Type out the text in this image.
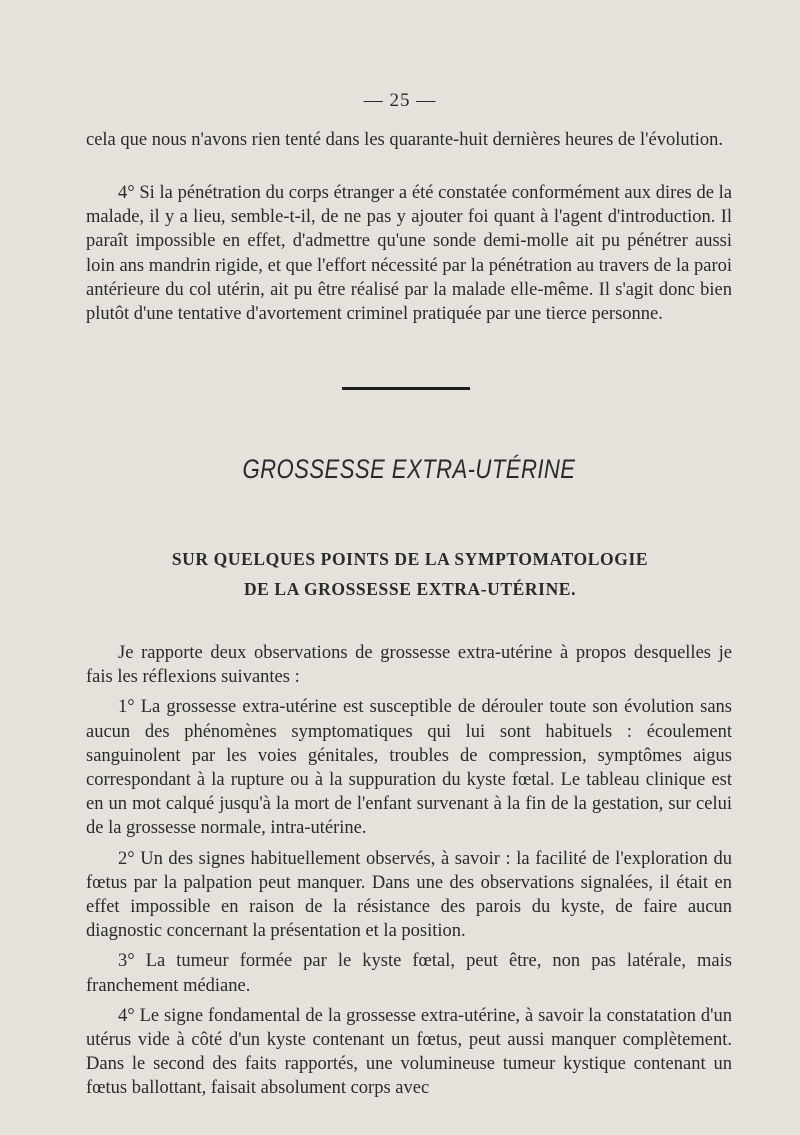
— 25 —

cela que nous n'avons rien tenté dans les quarante-huit dernières heures de l'évolution.

4° Si la pénétration du corps étranger a été constatée conformément aux dires de la malade, il y a lieu, semble-t-il, de ne pas y ajouter foi quant à l'agent d'introduction. Il paraît impossible en effet, d'admettre qu'une sonde demi-molle ait pu pénétrer aussi loin ans mandrin rigide, et que l'effort nécessité par la pénétration au travers de la paroi antérieure du col utérin, ait pu être réalisé par la malade elle-même. Il s'agit donc bien plutôt d'une tentative d'avortement criminel pratiquée par une tierce personne.

GROSSESSE EXTRA-UTÉRINE
SUR QUELQUES POINTS DE LA SYMPTOMATOLOGIE
DE LA GROSSESSE EXTRA-UTÉRINE.

Je rapporte deux observations de grossesse extra-utérine à propos desquelles je fais les réflexions suivantes :

1° La grossesse extra-utérine est susceptible de dérouler toute son évolution sans aucun des phénomènes symptomatiques qui lui sont habituels : écoulement sanguinolent par les voies génitales, troubles de compression, symptômes aigus correspondant à la rupture ou à la suppuration du kyste fœtal. Le tableau clinique est en un mot calqué jusqu'à la mort de l'enfant survenant à la fin de la gestation, sur celui de la grossesse normale, intra-utérine.

2° Un des signes habituellement observés, à savoir : la facilité de l'exploration du fœtus par la palpation peut manquer. Dans une des observations signalées, il était en effet impossible en raison de la résistance des parois du kyste, de faire aucun diagnostic concernant la présentation et la position.

3° La tumeur formée par le kyste fœtal, peut être, non pas latérale, mais franchement médiane.

4° Le signe fondamental de la grossesse extra-utérine, à savoir la constatation d'un utérus vide à côté d'un kyste contenant un fœtus, peut aussi manquer complètement. Dans le second des faits rapportés, une volumineuse tumeur kystique contenant un fœtus ballottant, faisait absolument corps avec
